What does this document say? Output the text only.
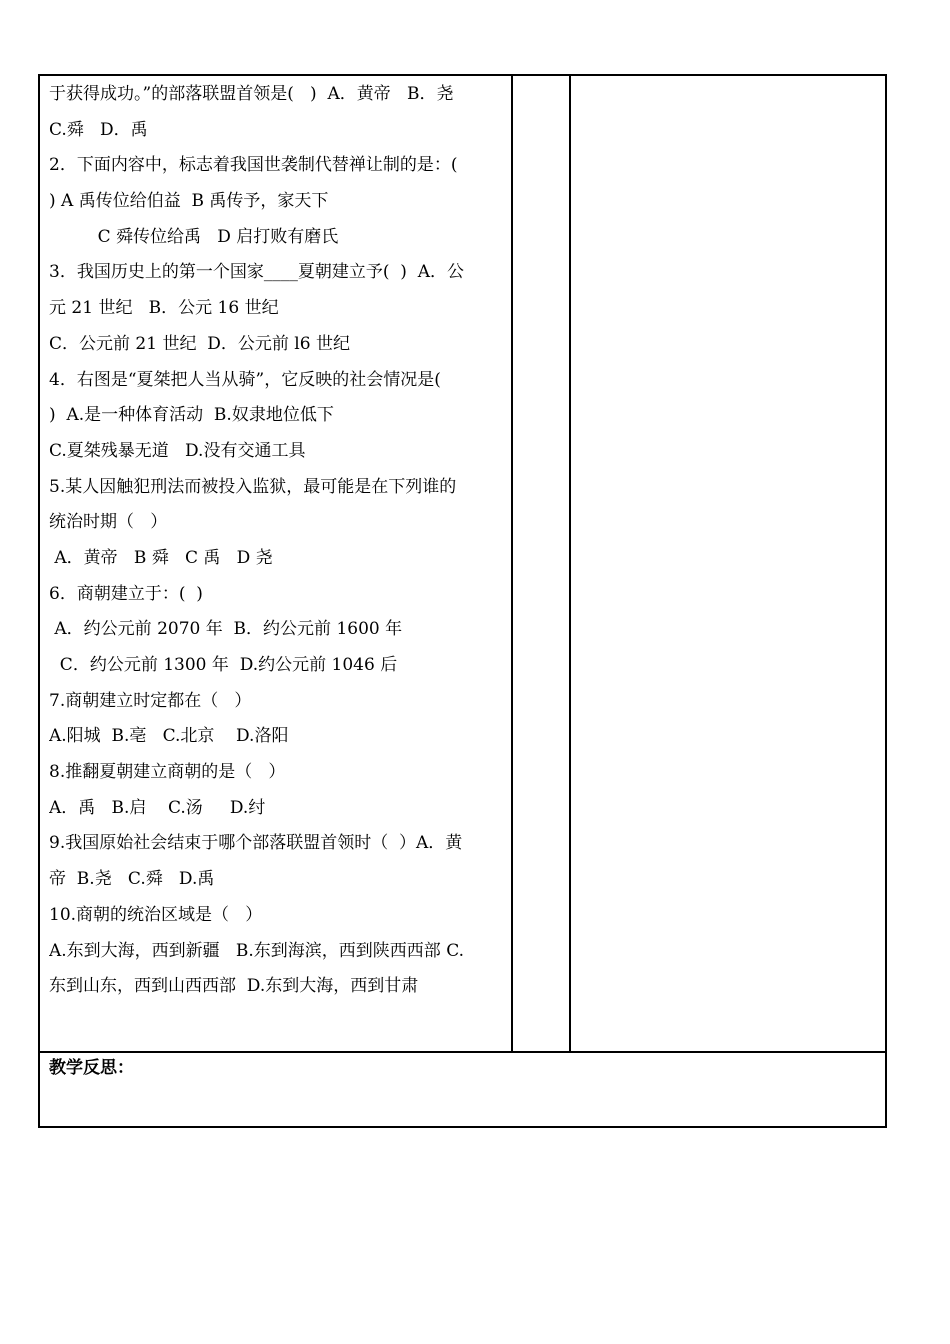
于获得成功。”的部落联盟首领是(   )  A．黄帝   B．尧
C.舜   D．禹
2．下面内容中，标志着我国世袭制代替禅让制的是：(
) A 禹传位给伯益  B 禹传予，家天下
C 舜传位给禹   D 启打败有磨氏
3．我国历史上的第一个国家____夏朝建立予(  )  A．公
元 21 世纪   B．公元 16 世纪
C．公元前 21 世纪  D．公元前 l6 世纪
4．右图是“夏桀把人当从骑”，它反映的社会情况是(
)  A.是一种体育活动  B.奴隶地位低下
C.夏桀残暴无道   D.没有交通工具
5.某人因触犯刑法而被投入监狱，最可能是在下列谁的
统治时期（   ）
A．黄帝   B 舜   C 禹   D 尧
6．商朝建立于：(  )
A．约公元前 2070 年  B．约公元前 1600 年
C．约公元前 1300 年  D.约公元前 1046 后
7.商朝建立时定都在（   ）
A.阳城  B.亳   C.北京    D.洛阳
8.推翻夏朝建立商朝的是（   ）
A．禹   B.启    C.汤     D.纣
9.我国原始社会结束于哪个部落联盟首领时（  ）A．黄
帝  B.尧   C.舜   D.禹
10.商朝的统治区域是（   ）
A.东到大海，西到新疆   B.东到海滨，西到陕西西部 C.
东到山东，西到山西西部  D.东到大海，西到甘肃
教学反思：
